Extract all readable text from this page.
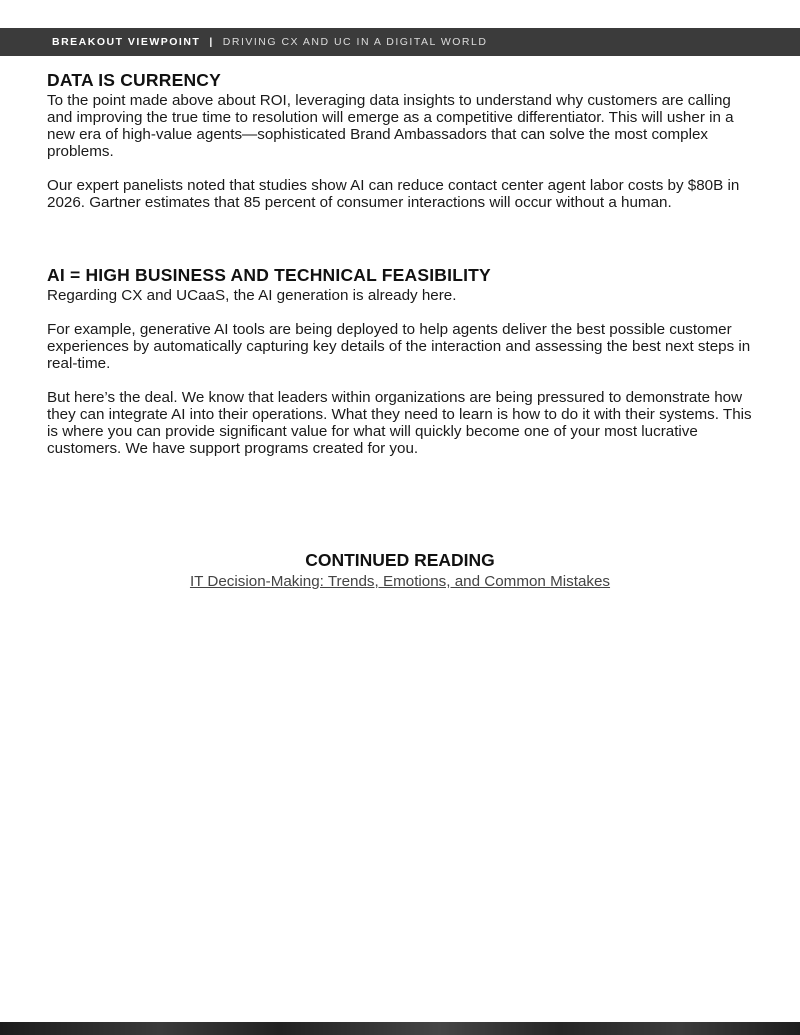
BREAKOUT VIEWPOINT | DRIVING CX AND UC IN A DIGITAL WORLD
DATA IS CURRENCY

To the point made above about ROI, leveraging data insights to understand why customers are calling and improving the true time to resolution will emerge as a competitive differentiator. This will usher in a new era of high-value agents—sophisticated Brand Ambassadors that can solve the most complex problems.

Our expert panelists noted that studies show AI can reduce contact center agent labor costs by $80B in 2026. Gartner estimates that 85 percent of consumer interactions will occur without a human.

AI = HIGH BUSINESS AND TECHNICAL FEASIBILITY

Regarding CX and UCaaS, the AI generation is already here.

For example, generative AI tools are being deployed to help agents deliver the best possible customer experiences by automatically capturing key details of the interaction and assessing the best next steps in real-time.

But here’s the deal. We know that leaders within organizations are being pressured to demonstrate how they can integrate AI into their operations. What they need to learn is how to do it with their systems. This is where you can provide significant value for what will quickly become one of your most lucrative customers. We have support programs created for you.

CONTINUED READING
IT Decision-Making: Trends, Emotions, and Common Mistakes
